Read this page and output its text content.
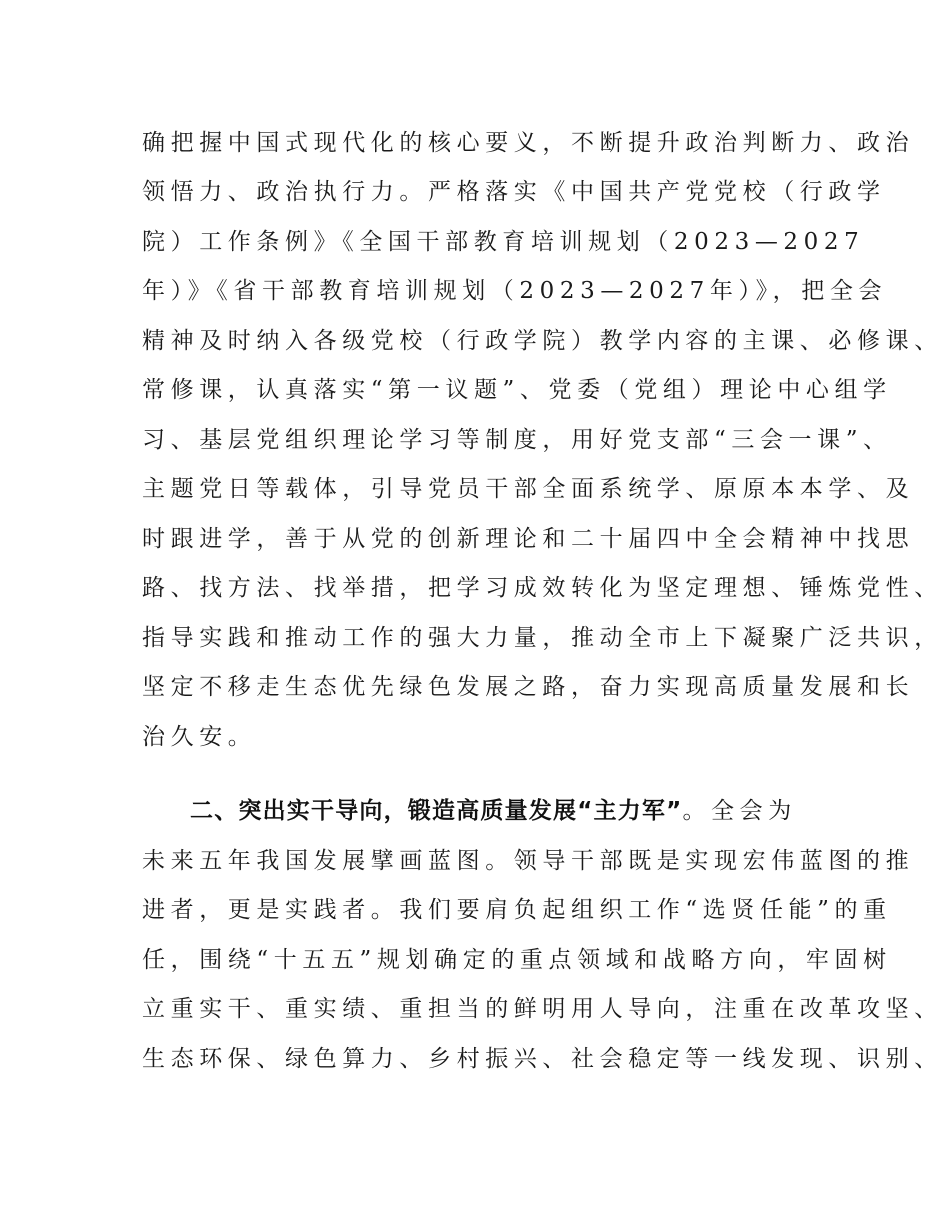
确把握中国式现代化的核心要义，不断提升政治判断力、政治
领悟力、政治执行力。严格落实《中国共产党党校（行政学
院）工作条例》《全国干部教育培训规划（2023—2027
年）》《省干部教育培训规划（2023—2027年）》，把全会
精神及时纳入各级党校（行政学院）教学内容的主课、必修课、
常修课，认真落实“第一议题”、党委（党组）理论中心组学
习、基层党组织理论学习等制度，用好党支部“三会一课”、
主题党日等载体，引导党员干部全面系统学、原原本本学、及
时跟进学，善于从党的创新理论和二十届四中全会精神中找思
路、找方法、找举措，把学习成效转化为坚定理想、锤炼党性、
指导实践和推动工作的强大力量，推动全市上下凝聚广泛共识，
坚定不移走生态优先绿色发展之路，奋力实现高质量发展和长
治久安。
二、突出实干导向，锻造高质量发展“主力军”。全会为
未来五年我国发展擘画蓝图。领导干部既是实现宏伟蓝图的推
进者，更是实践者。我们要肩负起组织工作“选贤任能”的重
任，围绕“十五五”规划确定的重点领域和战略方向，牢固树
立重实干、重实绩、重担当的鲜明用人导向，注重在改革攻坚、
生态环保、绿色算力、乡村振兴、社会稳定等一线发现、识别、
